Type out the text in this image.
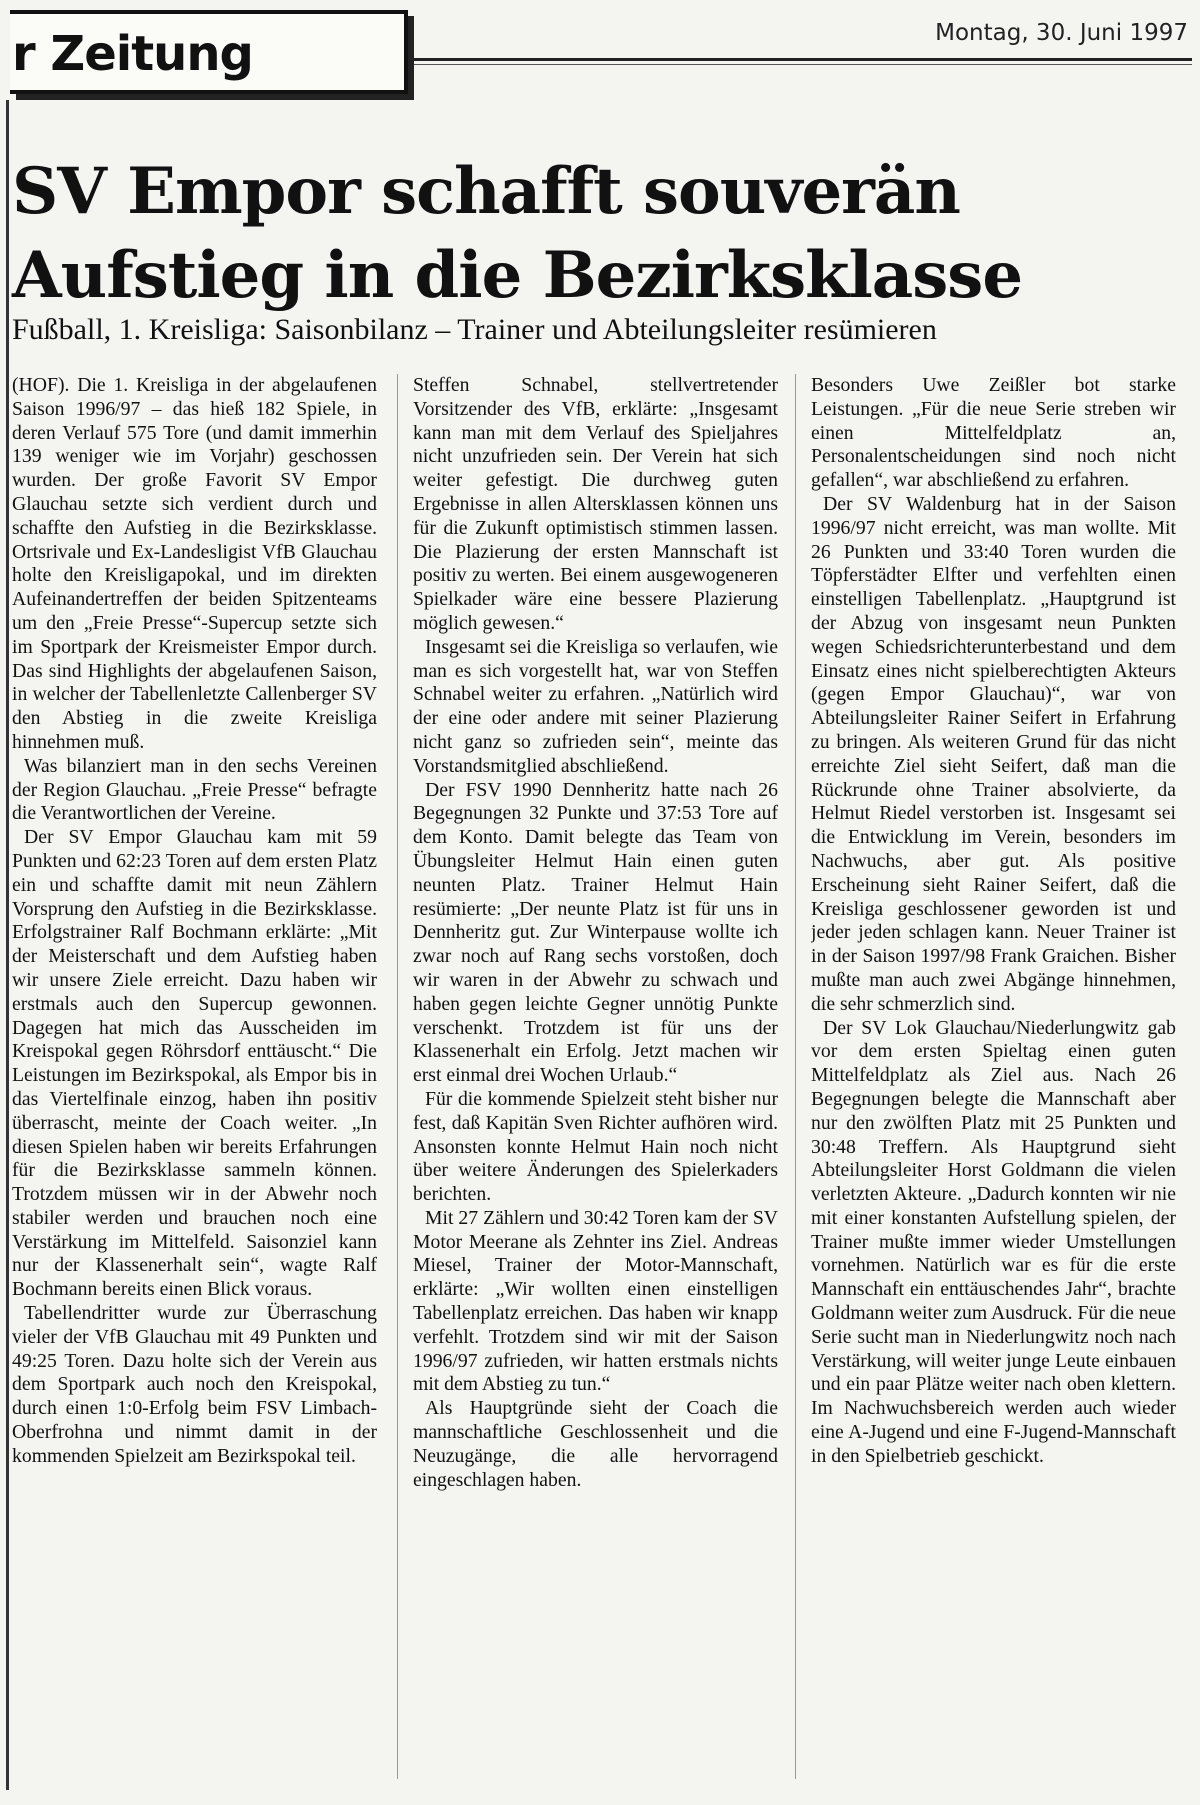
r Zeitung	Montag, 30. Juni 1997
SV Empor schafft souverän Aufstieg in die Bezirksklasse
Fußball, 1. Kreisliga: Saisonbilanz – Trainer und Abteilungsleiter resümieren

(HOF). Die 1. Kreisliga in der abgelaufenen Saison 1996/97 – das hieß 182 Spiele, in deren Verlauf 575 Tore (und damit immerhin 139 weniger wie im Vorjahr) geschossen wurden. Der große Favorit SV Empor Glauchau setzte sich verdient durch und schaffte den Aufstieg in die Bezirksklasse. Ortsrivale und Ex-Landesligist VfB Glauchau holte den Kreisligapokal, und im direkten Aufeinandertreffen der beiden Spitzenteams um den „Freie Presse“-Supercup setzte sich im Sportpark der Kreismeister Empor durch. Das sind Highlights der abgelaufenen Saison, in welcher der Tabellenletzte Callenberger SV den Abstieg in die zweite Kreisliga hinnehmen muß.

Was bilanziert man in den sechs Vereinen der Region Glauchau. „Freie Presse“ befragte die Verantwortlichen der Vereine.

Der SV Empor Glauchau kam mit 59 Punkten und 62:23 Toren auf dem ersten Platz ein und schaffte damit mit neun Zählern Vorsprung den Aufstieg in die Bezirksklasse. Erfolgstrainer Ralf Bochmann erklärte: „Mit der Meisterschaft und dem Aufstieg haben wir unsere Ziele erreicht. Dazu haben wir erstmals auch den Supercup gewonnen. Dagegen hat mich das Ausscheiden im Kreispokal gegen Röhrsdorf enttäuscht.“ Die Leistungen im Bezirkspokal, als Empor bis in das Viertelfinale einzog, haben ihn positiv überrascht, meinte der Coach weiter. „In diesen Spielen haben wir bereits Erfahrungen für die Bezirksklasse sammeln können. Trotzdem müssen wir in der Abwehr noch stabiler werden und brauchen noch eine Verstärkung im Mittelfeld. Saisonziel kann nur der Klassenerhalt sein“, wagte Ralf Bochmann bereits einen Blick voraus.

Tabellendritter wurde zur Überraschung vieler der VfB Glauchau mit 49 Punkten und 49:25 Toren. Dazu holte sich der Verein aus dem Sportpark auch noch den Kreispokal, durch einen 1:0-Erfolg beim FSV Limbach-Oberfrohna und nimmt damit in der kommenden Spielzeit am Bezirkspokal teil.

Steffen Schnabel, stellvertretender Vorsitzender des VfB, erklärte: „Insgesamt kann man mit dem Verlauf des Spieljahres nicht unzufrieden sein. Der Verein hat sich weiter gefestigt. Die durchweg guten Ergebnisse in allen Altersklassen können uns für die Zukunft optimistisch stimmen lassen. Die Plazierung der ersten Mannschaft ist positiv zu werten. Bei einem ausgewogeneren Spielkader wäre eine bessere Plazierung möglich gewesen.“

Insgesamt sei die Kreisliga so verlaufen, wie man es sich vorgestellt hat, war von Steffen Schnabel weiter zu erfahren. „Natürlich wird der eine oder andere mit seiner Plazierung nicht ganz so zufrieden sein“, meinte das Vorstandsmitglied abschließend.

Der FSV 1990 Dennheritz hatte nach 26 Begegnungen 32 Punkte und 37:53 Tore auf dem Konto. Damit belegte das Team von Übungsleiter Helmut Hain einen guten neunten Platz. Trainer Helmut Hain resümierte: „Der neunte Platz ist für uns in Dennheritz gut. Zur Winterpause wollte ich zwar noch auf Rang sechs vorstoßen, doch wir waren in der Abwehr zu schwach und haben gegen leichte Gegner unnötig Punkte verschenkt. Trotzdem ist für uns der Klassenerhalt ein Erfolg. Jetzt machen wir erst einmal drei Wochen Urlaub.“

Für die kommende Spielzeit steht bisher nur fest, daß Kapitän Sven Richter aufhören wird. Ansonsten konnte Helmut Hain noch nicht über weitere Änderungen des Spielerkaders berichten.

Mit 27 Zählern und 30:42 Toren kam der SV Motor Meerane als Zehnter ins Ziel. Andreas Miesel, Trainer der Motor-Mannschaft, erklärte: „Wir wollten einen einstelligen Tabellenplatz erreichen. Das haben wir knapp verfehlt. Trotzdem sind wir mit der Saison 1996/97 zufrieden, wir hatten erstmals nichts mit dem Abstieg zu tun.“

Als Hauptgründe sieht der Coach die mannschaftliche Geschlossenheit und die Neuzugänge, die alle hervorragend eingeschlagen haben.

Besonders Uwe Zeißler bot starke Leistungen. „Für die neue Serie streben wir einen Mittelfeldplatz an, Personalentscheidungen sind noch nicht gefallen“, war abschließend zu erfahren.

Der SV Waldenburg hat in der Saison 1996/97 nicht erreicht, was man wollte. Mit 26 Punkten und 33:40 Toren wurden die Töpferstädter Elfter und verfehlten einen einstelligen Tabellenplatz. „Hauptgrund ist der Abzug von insgesamt neun Punkten wegen Schiedsrichterunterbestand und dem Einsatz eines nicht spielberechtigten Akteurs (gegen Empor Glauchau)“, war von Abteilungsleiter Rainer Seifert in Erfahrung zu bringen. Als weiteren Grund für das nicht erreichte Ziel sieht Seifert, daß man die Rückrunde ohne Trainer absolvierte, da Helmut Riedel verstorben ist. Insgesamt sei die Entwicklung im Verein, besonders im Nachwuchs, aber gut. Als positive Erscheinung sieht Rainer Seifert, daß die Kreisliga geschlossener geworden ist und jeder jeden schlagen kann. Neuer Trainer ist in der Saison 1997/98 Frank Graichen. Bisher mußte man auch zwei Abgänge hinnehmen, die sehr schmerzlich sind.

Der SV Lok Glauchau/Niederlungwitz gab vor dem ersten Spieltag einen guten Mittelfeldplatz als Ziel aus. Nach 26 Begegnungen belegte die Mannschaft aber nur den zwölften Platz mit 25 Punkten und 30:48 Treffern. Als Hauptgrund sieht Abteilungsleiter Horst Goldmann die vielen verletzten Akteure. „Dadurch konnten wir nie mit einer konstanten Aufstellung spielen, der Trainer mußte immer wieder Umstellungen vornehmen. Natürlich war es für die erste Mannschaft ein enttäuschendes Jahr“, brachte Goldmann weiter zum Ausdruck. Für die neue Serie sucht man in Niederlungwitz noch nach Verstärkung, will weiter junge Leute einbauen und ein paar Plätze weiter nach oben klettern. Im Nachwuchsbereich werden auch wieder eine A-Jugend und eine F-Jugend-Mannschaft in den Spielbetrieb geschickt.
